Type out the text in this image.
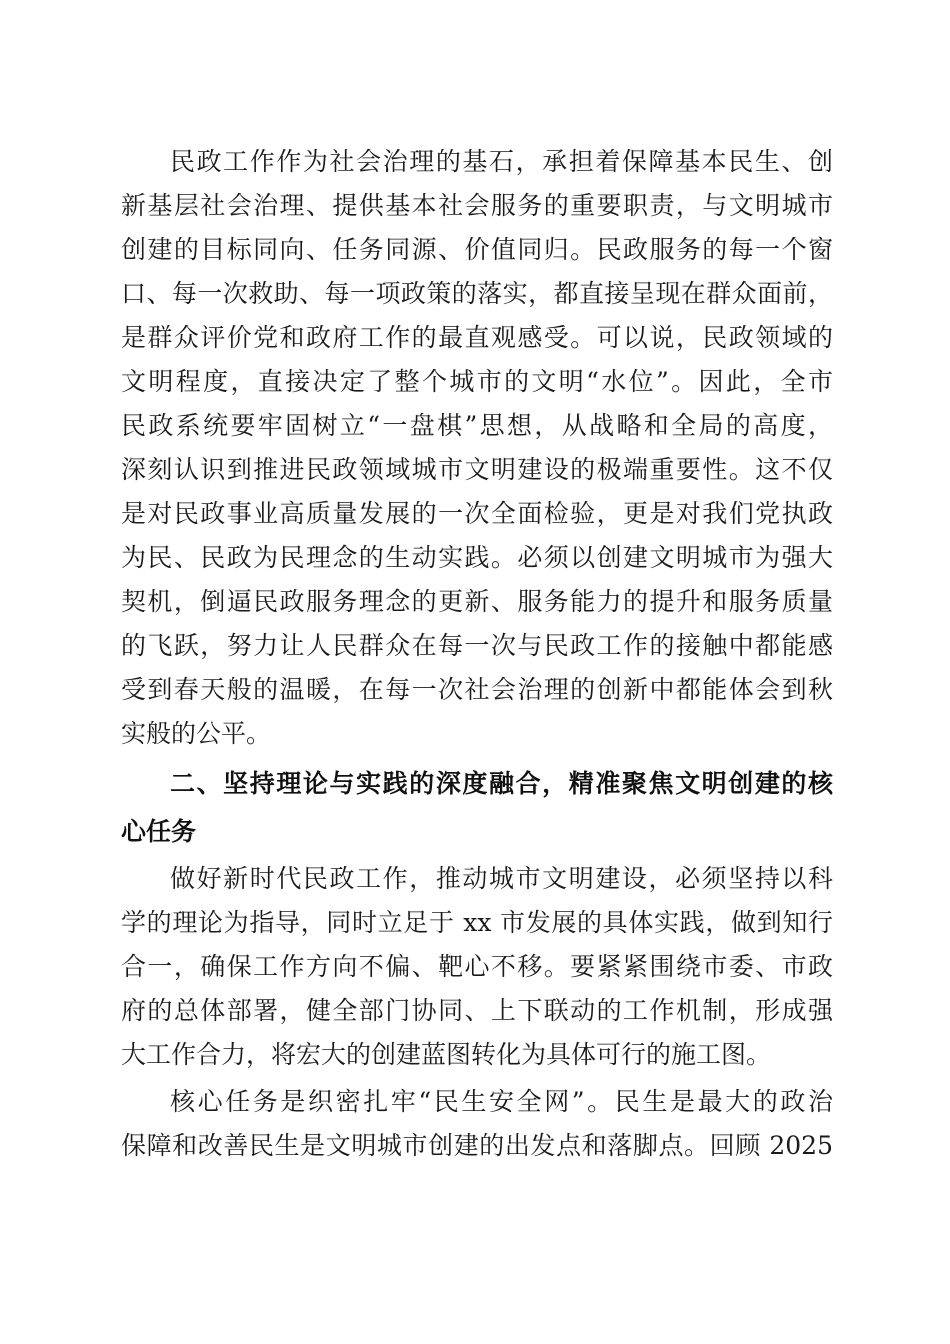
民政工作作为社会治理的基石，承担着保障基本民生、创
新基层社会治理、提供基本社会服务的重要职责，与文明城市
创建的目标同向、任务同源、价值同归。民政服务的每一个窗
口、每一次救助、每一项政策的落实，都直接呈现在群众面前，
是群众评价党和政府工作的最直观感受。可以说，民政领域的
文明程度，直接决定了整个城市的文明“水位”。因此，全市
民政系统要牢固树立“一盘棋”思想，从战略和全局的高度，
深刻认识到推进民政领域城市文明建设的极端重要性。这不仅
是对民政事业高质量发展的一次全面检验，更是对我们党执政
为民、民政为民理念的生动实践。必须以创建文明城市为强大
契机，倒逼民政服务理念的更新、服务能力的提升和服务质量
的飞跃，努力让人民群众在每一次与民政工作的接触中都能感
受到春天般的温暖，在每一次社会治理的创新中都能体会到秋
实般的公平。
二、坚持理论与实践的深度融合，精准聚焦文明创建的核
心任务
做好新时代民政工作，推动城市文明建设，必须坚持以科
学的理论为指导，同时立足于 xx 市发展的具体实践，做到知行
合一，确保工作方向不偏、靶心不移。要紧紧围绕市委、市政
府的总体部署，健全部门协同、上下联动的工作机制，形成强
大工作合力，将宏大的创建蓝图转化为具体可行的施工图。
核心任务是织密扎牢“民生安全网”。民生是最大的政治
保障和改善民生是文明城市创建的出发点和落脚点。回顾 2025
